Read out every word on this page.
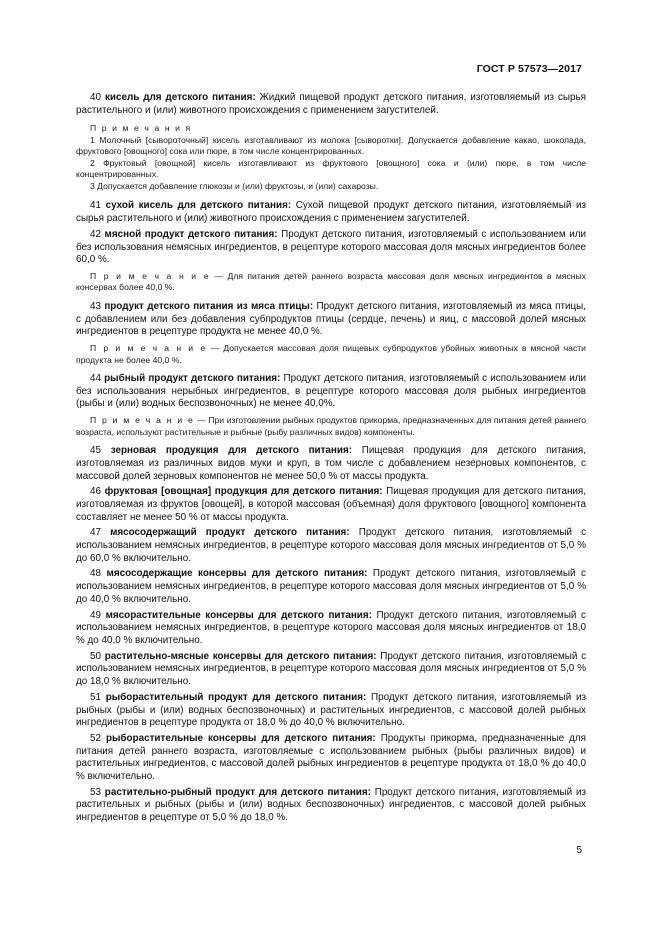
ГОСТ Р 57573—2017

40 кисель для детского питания: Жидкий пищевой продукт детского питания, изготовляемый из сырья растительного и (или) животного происхождения с применением загустителей.

П р и м е ч а н и я

1 Молочный [сывороточный] кисель изготавливают из молока [сыворотки]. Допускается добавление какао, шоколада, фруктового [овощного] сока или пюре, в том числе концентрированных.

2 Фруктовый [овощной] кисель изготавливают из фруктового [овощного] сока и (или) пюре, в том числе концентрированных.

3 Допускается добавление глюкозы и (или) фруктозы, и (или) сахарозы.

41 сухой кисель для детского питания: Сухой пищевой продукт детского питания, изготовляемый из сырья растительного и (или) животного происхождения с применением загустителей.

42 мясной продукт детского питания: Продукт детского питания, изготовляемый с использованием или без использования немясных ингредиентов, в рецептуре которого массовая доля мясных ингредиентов более 60,0 %.

П р и м е ч а н и е — Для питания детей раннего возраста массовая доля мясных ингредиентов в мясных консервах более 40,0 %.

43 продукт детского питания из мяса птицы: Продукт детского питания, изготовляемый из мяса птицы, с добавлением или без добавления субпродуктов птицы (сердце, печень) и яиц, с массовой долей мясных ингредиентов в рецептуре продукта не менее 40,0 %.

П р и м е ч а н и е — Допускается массовая доля пищевых субпродуктов убойных животных в мясной части продукта не более 40,0 %.

44 рыбный продукт детского питания: Продукт детского питания, изготовляемый с использованием или без использования нерыбных ингредиентов, в рецептуре которого массовая доля рыбных ингредиентов (рыбы и (или) водных беспозвоночных) не менее 40,0%.

П р и м е ч а н и е — При изготовлении рыбных продуктов прикорма, предназначенных для питания детей раннего возраста, используют растительные и рыбные (рыбу различных видов) компоненты.

45 зерновая продукция для детского питания: Пищевая продукция для детского питания, изготовляемая из различных видов муки и круп, в том числе с добавлением незерновых компонентов, с массовой долей зерновых компонентов не менее 50,0 % от массы продукта.

46 фруктовая [овощная] продукция для детского питания: Пищевая продукция для детского питания, изготовляемая из фруктов [овощей], в которой массовая (объемная) доля фруктового [овощного] компонента составляет не менее 50 % от массы продукта.

47 мясосодержащий продукт детского питания: Продукт детского питания, изготовляемый с использованием немясных ингредиентов, в рецептуре которого массовая доля мясных ингредиентов от 5,0 % до 60,0 % включительно.

48 мясосодержащие консервы для детского питания: Продукт детского питания, изготовляемый с использованием немясных ингредиентов, в рецептуре которого массовая доля мясных ингредиентов от 5,0 % до 40,0 % включительно.

49 мясорастительные консервы для детского питания: Продукт детского питания, изготовляемый с использованием немясных ингредиентов, в рецептуре которого массовая доля мясных ингредиентов от 18,0 % до 40,0 % включительно.

50 растительно-мясные консервы для детского питания: Продукт детского питания, изготовляемый с использованием немясных ингредиентов, в рецептуре которого массовая доля мясных ингредиентов от 5,0 % до 18,0 % включительно.

51 рыборастительный продукт для детского питания: Продукт детского питания, изготовляемый из рыбных (рыбы и (или) водных беспозвоночных) и растительных ингредиентов, с массовой долей рыбных ингредиентов в рецептуре продукта от 18,0 % до 40,0 % включительно.

52 рыборастительные консервы для детского питания: Продукты прикорма, предназначенные для питания детей раннего возраста, изготовляемые с использованием рыбных (рыбы различных видов) и растительных ингредиентов, с массовой долей рыбных ингредиентов в рецептуре продукта от 18,0 % до 40,0 % включительно.

53 растительно-рыбный продукт для детского питания: Продукт детского питания, изготовляемый из растительных и рыбных (рыбы и (или) водных беспозвоночных) ингредиентов, с массовой долей рыбных ингредиентов в рецептуре от 5,0 % до 18,0 %.

5
